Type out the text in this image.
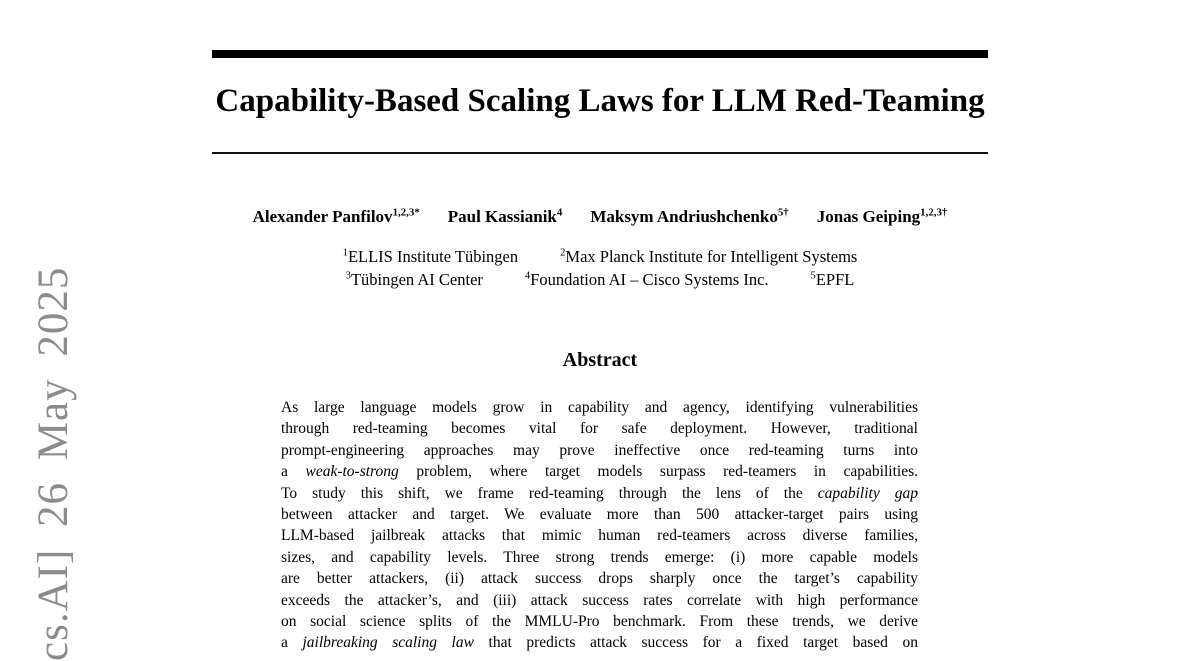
cs.AI] 26 May 2025
Capability-Based Scaling Laws for LLM Red-Teaming
Alexander Panfilov$^{1,2,3*}$ Paul Kassianik$^4$ Maksym Andriushchenko$^{5\dagger}$ Jonas Geiping$^{1,2,3\dagger}$
$^1$ELLIS Institute Tübingen	$^2$Max Planck Institute for Intelligent Systems
$^3$Tübingen AI Center	$^4$Foundation AI – Cisco Systems Inc.	$^5$EPFL
Abstract
As large language models grow in capability and agency, identifying vulnerabilities
through red-teaming becomes vital for safe deployment. However, traditional
prompt-engineering approaches may prove ineffective once red-teaming turns into
a weak-to-strong problem, where target models surpass red-teamers in capabilities.
To study this shift, we frame red-teaming through the lens of the capability gap
between attacker and target. We evaluate more than 500 attacker-target pairs using
LLM-based jailbreak attacks that mimic human red-teamers across diverse families,
sizes, and capability levels. Three strong trends emerge: (i) more capable models
are better attackers, (ii) attack success drops sharply once the target’s capability
exceeds the attacker’s, and (iii) attack success rates correlate with high performance
on social science splits of the MMLU-Pro benchmark. From these trends, we derive
a jailbreaking scaling law that predicts attack success for a fixed target based on
